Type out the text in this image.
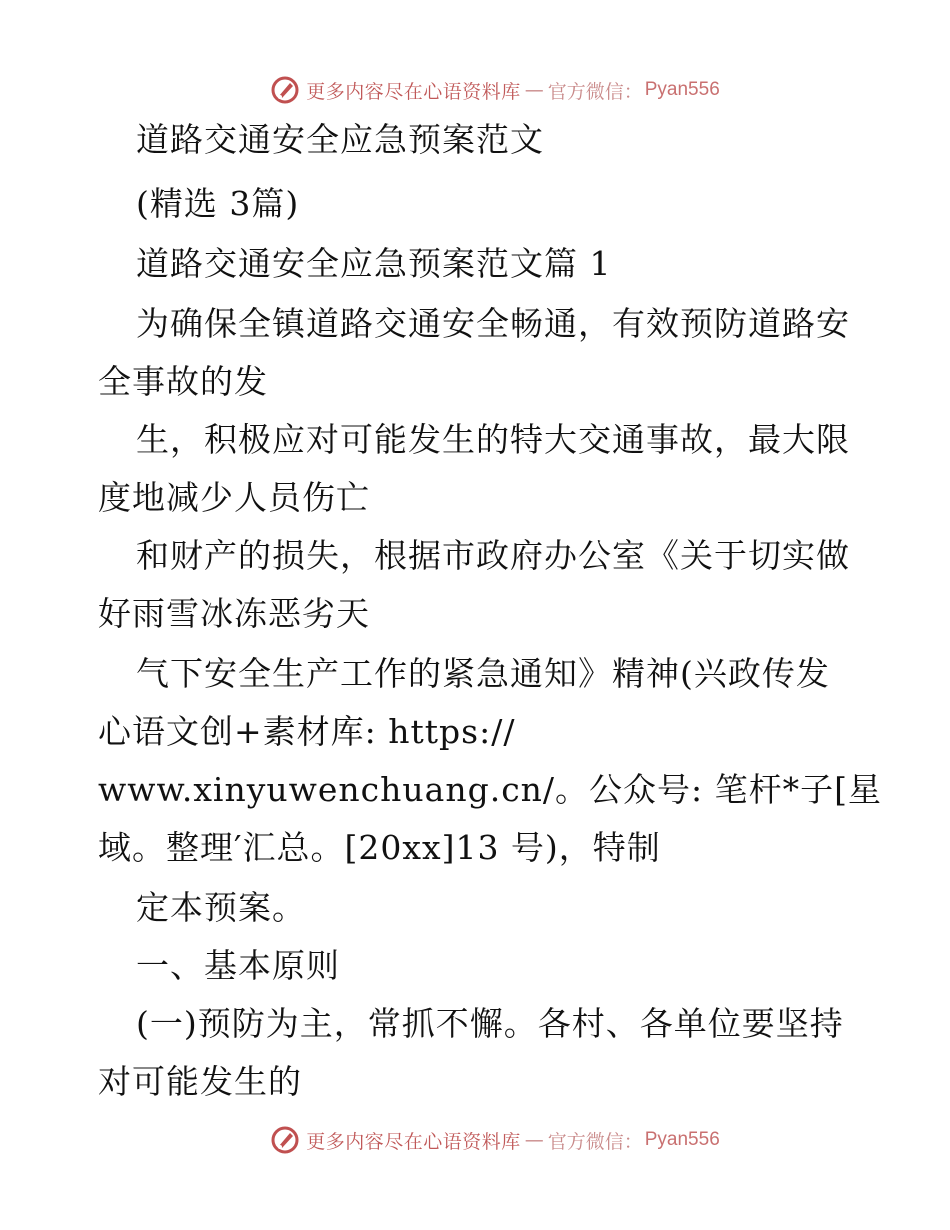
更多内容尽在心语资料库 — 官方微信： Pyan556
道路交通安全应急预案范文
(精选 3篇)
道路交通安全应急预案范文篇 1
为确保全镇道路交通安全畅通，有效预防道路安
全事故的发
生，积极应对可能发生的特大交通事故，最大限
度地减少人员伤亡
和财产的损失，根据市政府办公室《关于切实做
好雨雪冰冻恶劣天
气下安全生产工作的紧急通知》精神(兴政传发
心语文创+素材库: https://
www.xinyuwenchuang.cn/。公众号: 笔杆*子[星
域。整理′汇总。[20xx]13 号)，特制
定本预案。
一、基本原则
(一)预防为主，常抓不懈。各村、各单位要坚持
对可能发生的
更多内容尽在心语资料库 — 官方微信： Pyan556
